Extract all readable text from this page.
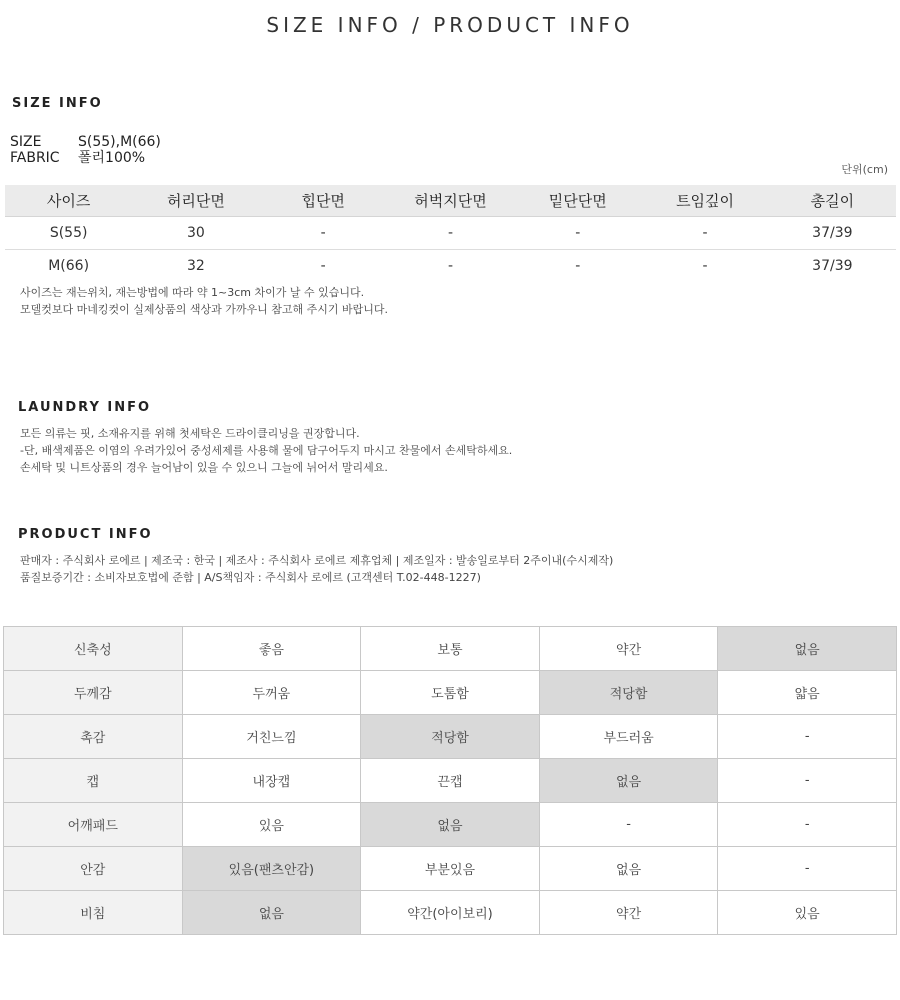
SIZE INFO / PRODUCT INFO
SIZE INFO
SIZE	S(55),M(66)
FABRIC	폴리100%
단위(cm)
사이즈	허리단면	힙단면	허벅지단면	밑단단면	트임깊이	총길이
S(55)	30	-	-	-	-	37/39
M(66)	32	-	-	-	-	37/39
사이즈는 재는위치, 재는방법에 따라 약 1~3cm 차이가 날 수 있습니다.
모델컷보다 마네킹컷이 실제상품의 색상과 가까우니 참고해 주시기 바랍니다.
LAUNDRY INFO
모든 의류는 핏, 소재유지를 위해 첫세탁은 드라이클리닝을 권장합니다.
-단, 배색제품은 이염의 우려가있어 중성세제를 사용해 물에 담구어두지 마시고 찬물에서 손세탁하세요.
손세탁 및 니트상품의 경우 늘어남이 있을 수 있으니 그늘에 뉘어서 말리세요.
PRODUCT INFO
판매자 : 주식회사 로에르 | 제조국 : 한국 | 제조사 : 주식회사 로에르 제휴업체 | 제조일자 : 발송일로부터 2주이내(수시제작)
품질보증기간 : 소비자보호법에 준함 | A/S책임자 : 주식회사 로에르 (고객센터 T.02-448-1227)
신축성	좋음	보통	약간	없음
두께감	두꺼움	도톰함	적당함	얇음
촉감	거친느낌	적당함	부드러움	-
캡	내장캡	끈캡	없음	-
어깨패드	있음	없음	-	-
안감	있음(팬츠안감)	부분있음	없음	-
비침	없음	약간(아이보리)	약간	있음
